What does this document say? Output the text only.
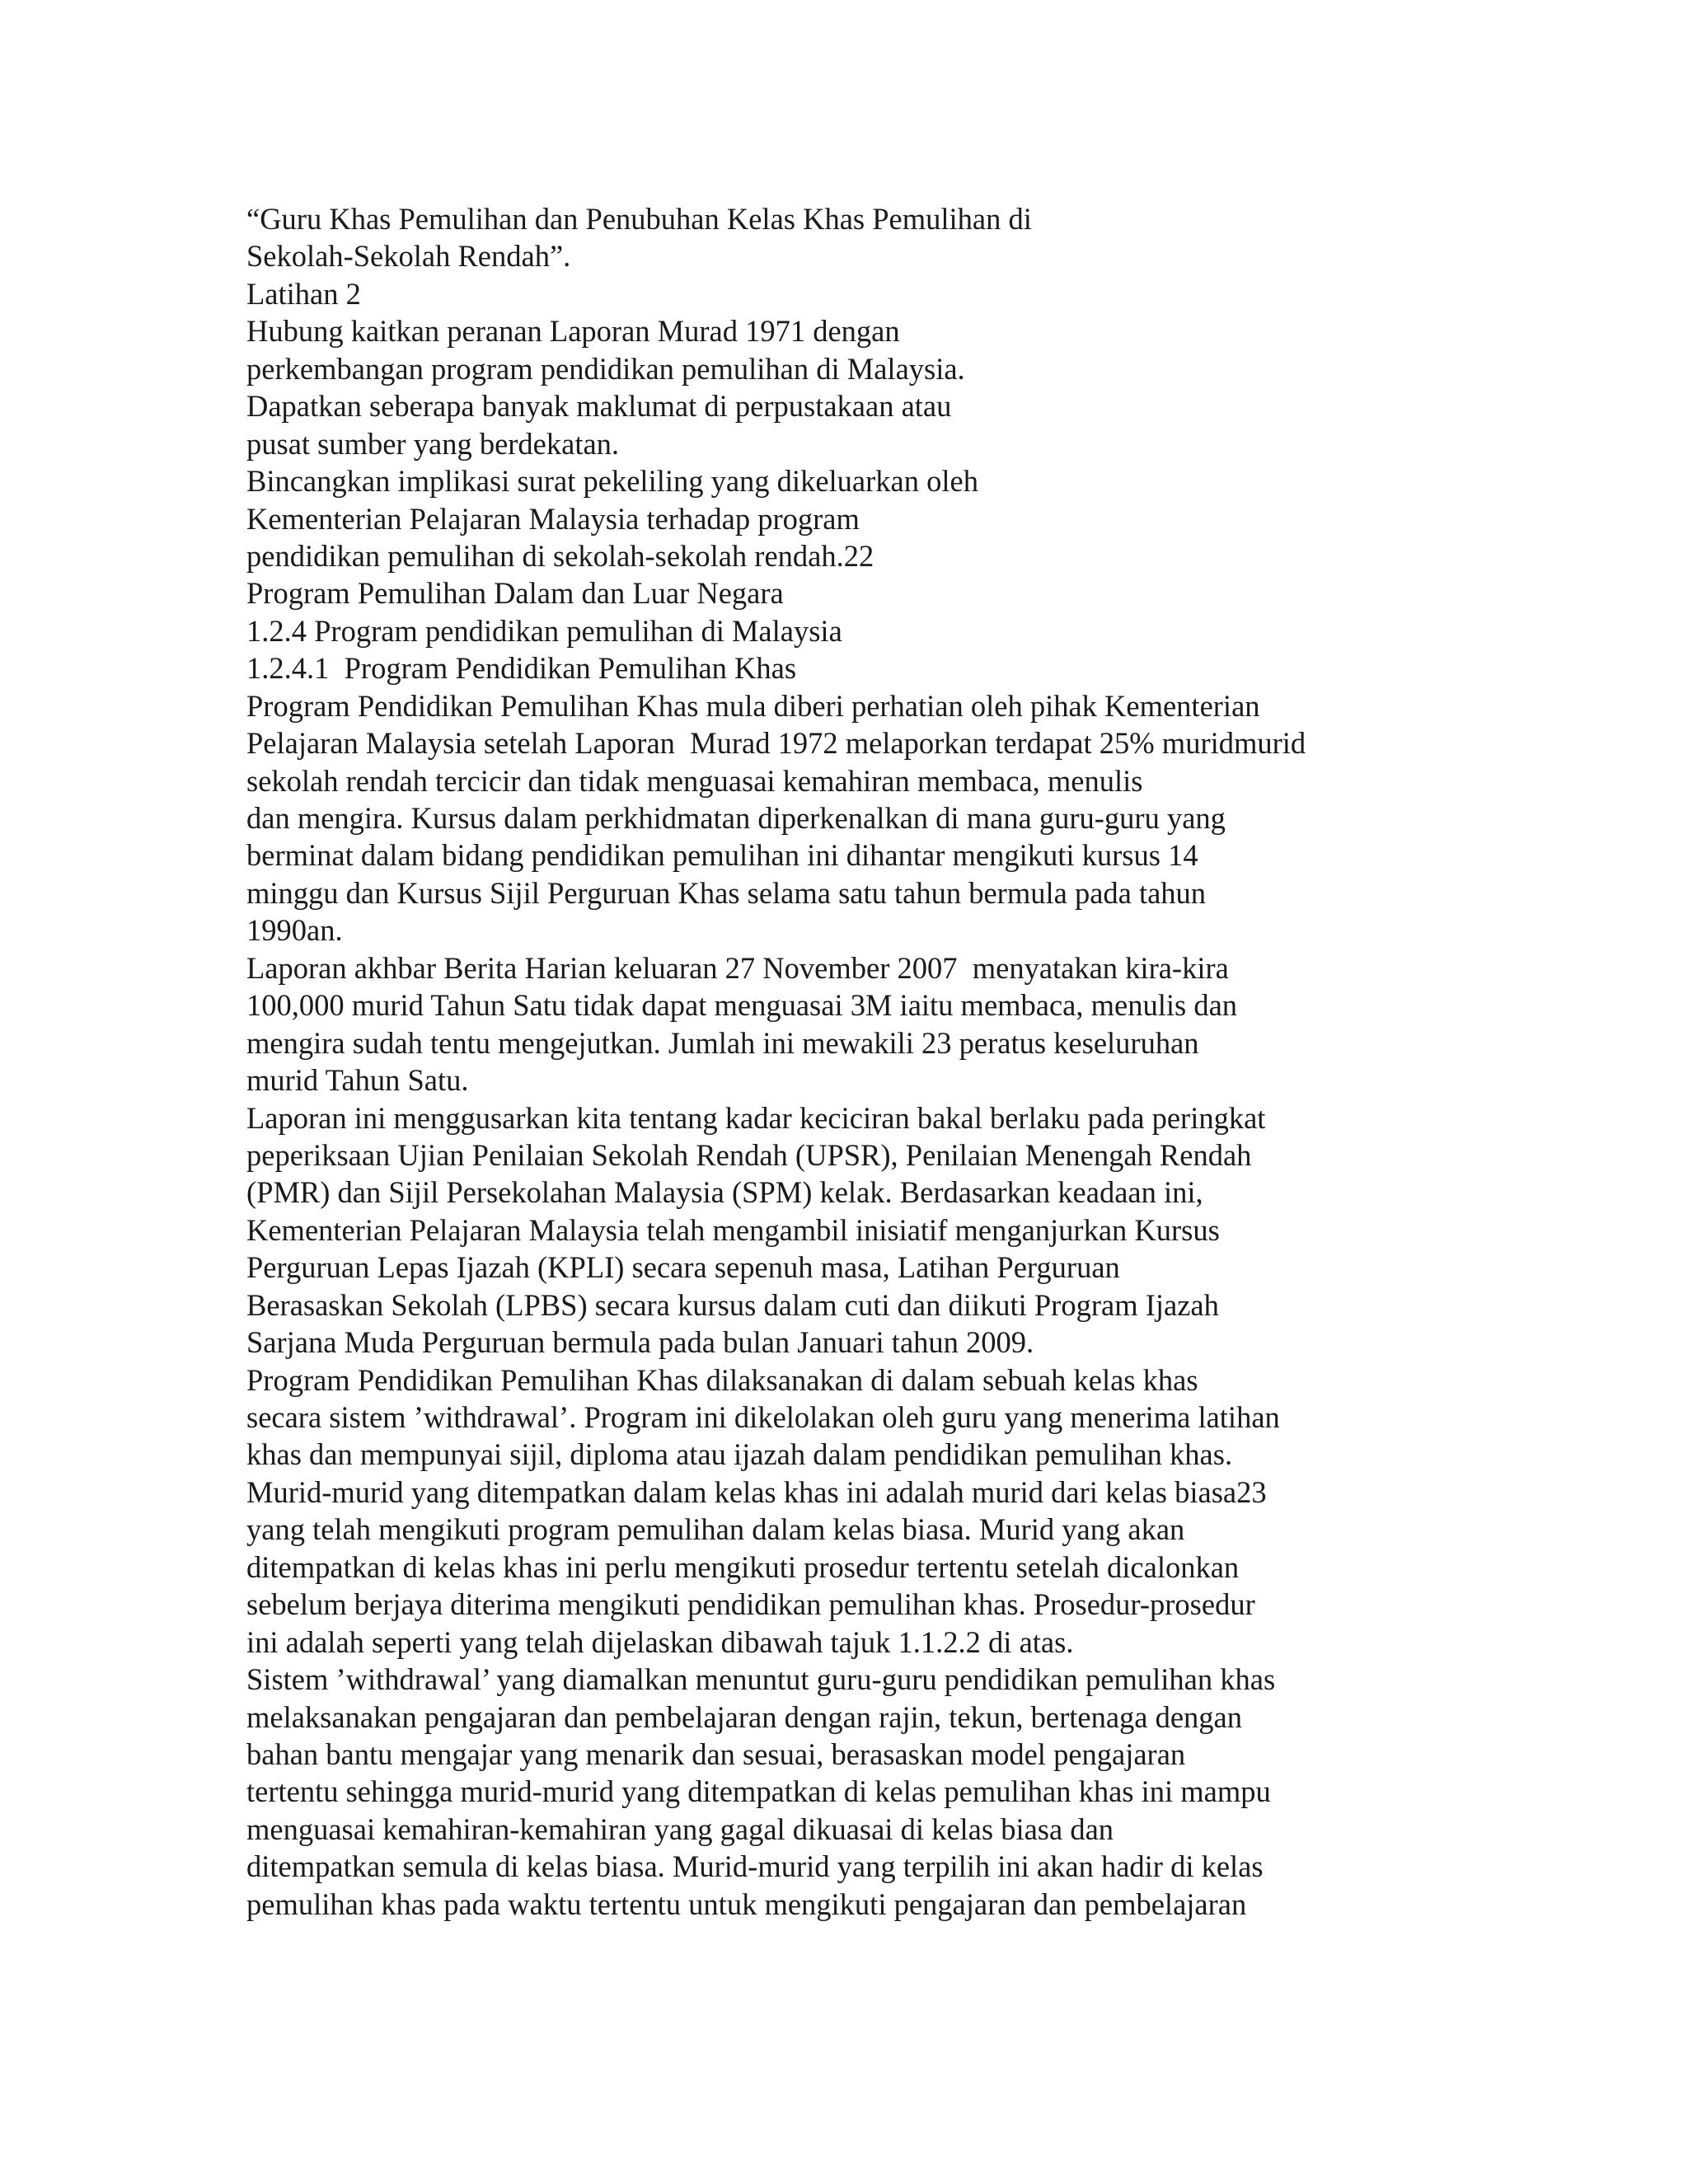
“Guru Khas Pemulihan dan Penubuhan Kelas Khas Pemulihan di
Sekolah-Sekolah Rendah”.
Latihan 2
Hubung kaitkan peranan Laporan Murad 1971 dengan
perkembangan program pendidikan pemulihan di Malaysia.
Dapatkan seberapa banyak maklumat di perpustakaan atau
pusat sumber yang berdekatan.
Bincangkan implikasi surat pekeliling yang dikeluarkan oleh
Kementerian Pelajaran Malaysia terhadap program
pendidikan pemulihan di sekolah-sekolah rendah.22
Program Pemulihan Dalam dan Luar Negara
1.2.4 Program pendidikan pemulihan di Malaysia
1.2.4.1  Program Pendidikan Pemulihan Khas
Program Pendidikan Pemulihan Khas mula diberi perhatian oleh pihak Kementerian
Pelajaran Malaysia setelah Laporan  Murad 1972 melaporkan terdapat 25% muridmurid
sekolah rendah tercicir dan tidak menguasai kemahiran membaca, menulis
dan mengira. Kursus dalam perkhidmatan diperkenalkan di mana guru-guru yang
berminat dalam bidang pendidikan pemulihan ini dihantar mengikuti kursus 14
minggu dan Kursus Sijil Perguruan Khas selama satu tahun bermula pada tahun
1990an.
Laporan akhbar Berita Harian keluaran 27 November 2007  menyatakan kira-kira
100,000 murid Tahun Satu tidak dapat menguasai 3M iaitu membaca, menulis dan
mengira sudah tentu mengejutkan. Jumlah ini mewakili 23 peratus keseluruhan
murid Tahun Satu.
Laporan ini menggusarkan kita tentang kadar keciciran bakal berlaku pada peringkat
peperiksaan Ujian Penilaian Sekolah Rendah (UPSR), Penilaian Menengah Rendah
(PMR) dan Sijil Persekolahan Malaysia (SPM) kelak. Berdasarkan keadaan ini,
Kementerian Pelajaran Malaysia telah mengambil inisiatif menganjurkan Kursus
Perguruan Lepas Ijazah (KPLI) secara sepenuh masa, Latihan Perguruan
Berasaskan Sekolah (LPBS) secara kursus dalam cuti dan diikuti Program Ijazah
Sarjana Muda Perguruan bermula pada bulan Januari tahun 2009.
Program Pendidikan Pemulihan Khas dilaksanakan di dalam sebuah kelas khas
secara sistem ’withdrawal’. Program ini dikelolakan oleh guru yang menerima latihan
khas dan mempunyai sijil, diploma atau ijazah dalam pendidikan pemulihan khas.
Murid-murid yang ditempatkan dalam kelas khas ini adalah murid dari kelas biasa23
yang telah mengikuti program pemulihan dalam kelas biasa. Murid yang akan
ditempatkan di kelas khas ini perlu mengikuti prosedur tertentu setelah dicalonkan
sebelum berjaya diterima mengikuti pendidikan pemulihan khas. Prosedur-prosedur
ini adalah seperti yang telah dijelaskan dibawah tajuk 1.1.2.2 di atas.
Sistem ’withdrawal’ yang diamalkan menuntut guru-guru pendidikan pemulihan khas
melaksanakan pengajaran dan pembelajaran dengan rajin, tekun, bertenaga dengan
bahan bantu mengajar yang menarik dan sesuai, berasaskan model pengajaran
tertentu sehingga murid-murid yang ditempatkan di kelas pemulihan khas ini mampu
menguasai kemahiran-kemahiran yang gagal dikuasai di kelas biasa dan
ditempatkan semula di kelas biasa. Murid-murid yang terpilih ini akan hadir di kelas
pemulihan khas pada waktu tertentu untuk mengikuti pengajaran dan pembelajaran
